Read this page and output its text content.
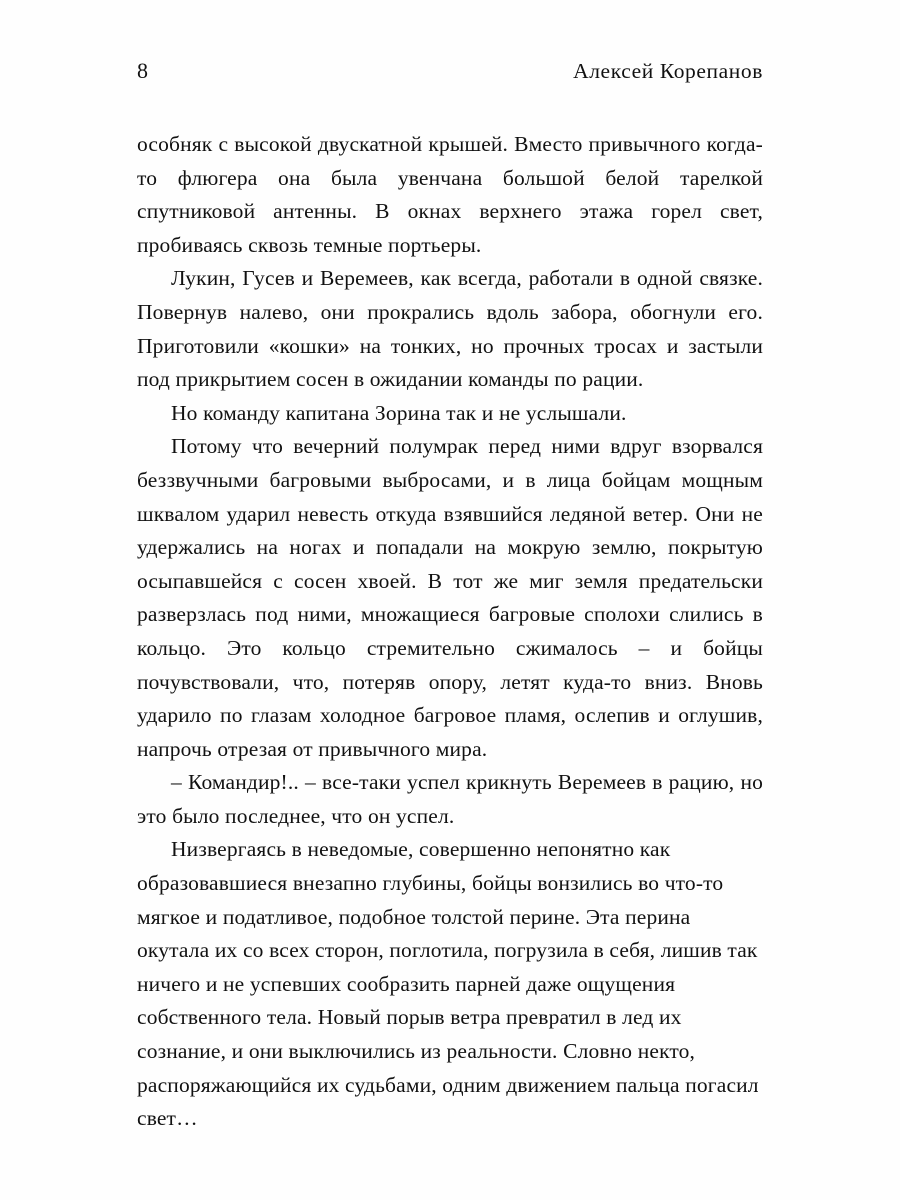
8	Алексей Корепанов

особняк с высокой двускатной крышей. Вместо привычного когда-то флюгера она была увенчана большой белой тарелкой спутниковой антенны. В окнах верхнего этажа горел свет, пробиваясь сквозь темные портьеры.

Лукин, Гусев и Веремеев, как всегда, работали в одной связке. Повернув налево, они прокрались вдоль забора, обогнули его. Приготовили «кошки» на тонких, но прочных тросах и застыли под прикрытием сосен в ожидании команды по рации.

Но команду капитана Зорина так и не услышали.

Потому что вечерний полумрак перед ними вдруг взорвался беззвучными багровыми выбросами, и в лица бойцам мощным шквалом ударил невесть откуда взявшийся ледяной ветер. Они не удержались на ногах и попадали на мокрую землю, покрытую осыпавшейся с сосен хвоей. В тот же миг земля предательски разверзлась под ними, множащиеся багровые сполохи слились в кольцо. Это кольцо стремительно сжималось – и бойцы почувствовали, что, потеряв опору, летят куда-то вниз. Вновь ударило по глазам холодное багровое пламя, ослепив и оглушив, напрочь отрезая от привычного мира.

– Командир!.. – все-таки успел крикнуть Веремеев в рацию, но это было последнее, что он успел.

Низвергаясь в неведомые, совершенно непонятно как образовавшиеся внезапно глубины, бойцы вонзились во что-то мягкое и податливое, подобное толстой перине. Эта перина окутала их со всех сторон, поглотила, погрузила в себя, лишив так ничего и не успевших сообразить парней даже ощущения собственного тела. Новый порыв ветра превратил в лед их сознание, и они выключились из реальности. Словно некто, распоряжающийся их судьбами, одним движением пальца погасил свет…
